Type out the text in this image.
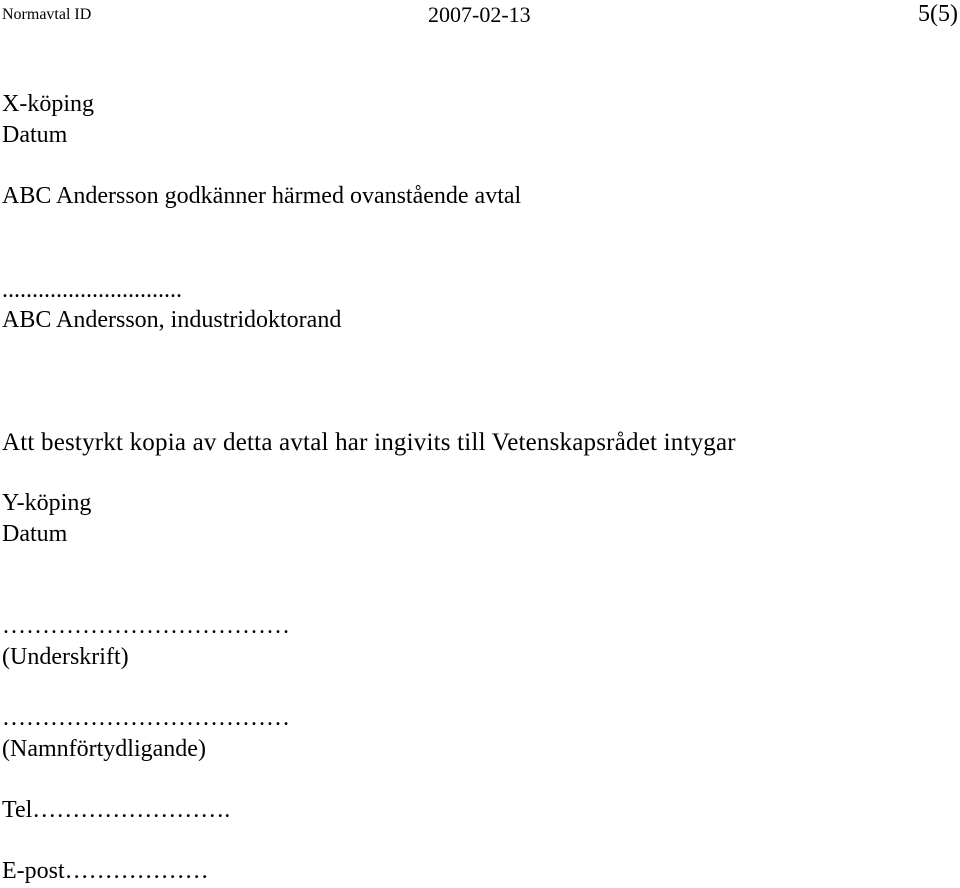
Normavtal ID	2007-02-13	5(5)
X-köping
Datum
ABC Andersson godkänner härmed ovanstående avtal
..............................
ABC Andersson, industridoktorand
Att bestyrkt kopia av detta avtal har ingivits till Vetenskapsrådet intygar
Y-köping
Datum
………………………………
(Underskrift)
………………………………
(Namnförtydligande)
Tel…………………….
E-post………………
